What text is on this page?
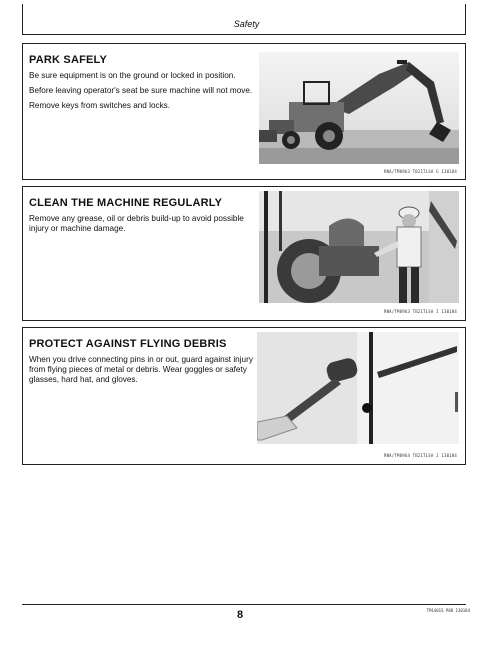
Safety
PARK SAFELY

Be sure equipment is on the ground or locked in position.

Before leaving operator's seat be sure machine will not move.

Remove keys from switches and locks.

RNA/TM8963 TB21TLSA G 130184
CLEAN THE MACHINE REGULARLY

Remove any grease, oil or debris build-up to avoid possible injury or machine damage.

RNA/TM8963 TB21TLSA I 130184
PROTECT AGAINST FLYING DEBRIS

When you drive connecting pins in or out, guard against injury from flying pieces of metal or debris. Wear goggles or safety glasses, hard hat, and gloves.

RNA/TM8964 TB21TLSA J 130184
8	TM1401S P08 130184
